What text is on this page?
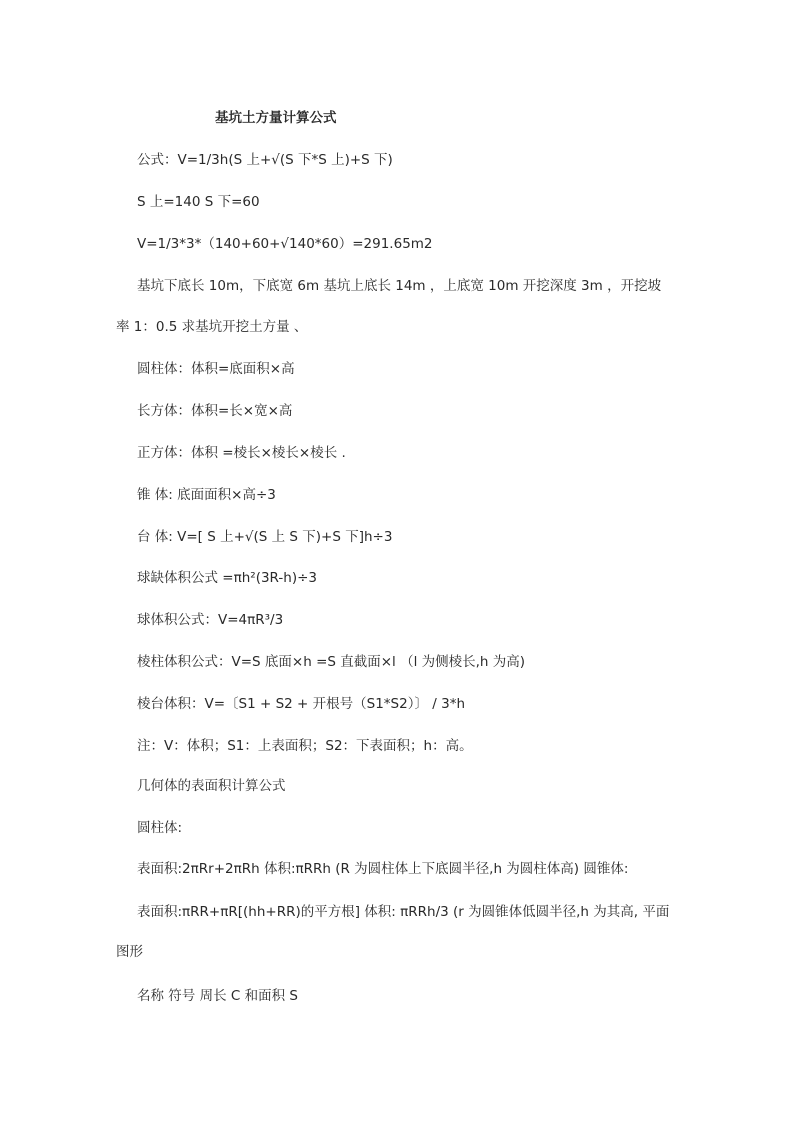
基坑土方量计算公式
公式：V=1/3h(S 上+√(S 下*S 上)+S 下)
S 上=140 S 下=60
V=1/3*3*（140+60+√140*60）=291.65m2
基坑下底长 10m，下底宽 6m 基坑上底长 14m ，上底宽 10m 开挖深度 3m ，开挖坡
率 1：0.5 求基坑开挖土方量 、
圆柱体：体积=底面积×高
长方体：体积=长×宽×高
正方体：体积 =棱长×棱长×棱长 .
锥 体: 底面面积×高÷3
台 体: V=[ S 上+√(S 上 S 下)+S 下]h÷3
球缺体积公式 =πh²(3R-h)÷3
球体积公式：V=4πR³/3
棱柱体积公式：V=S 底面×h =S 直截面×l （l 为侧棱长,h 为高)
棱台体积：V=〔S1 + S2 + 开根号（S1*S2）〕 / 3*h
注：V：体积；S1：上表面积；S2：下表面积；h：高。
几何体的表面积计算公式
圆柱体:
表面积:2πRr+2πRh 体积:πRRh (R 为圆柱体上下底圆半径,h 为圆柱体高) 圆锥体:
表面积:πRR+πR[(hh+RR)的平方根] 体积: πRRh/3 (r 为圆锥体低圆半径,h 为其高, 平面
图形
名称 符号 周长 C 和面积 S
